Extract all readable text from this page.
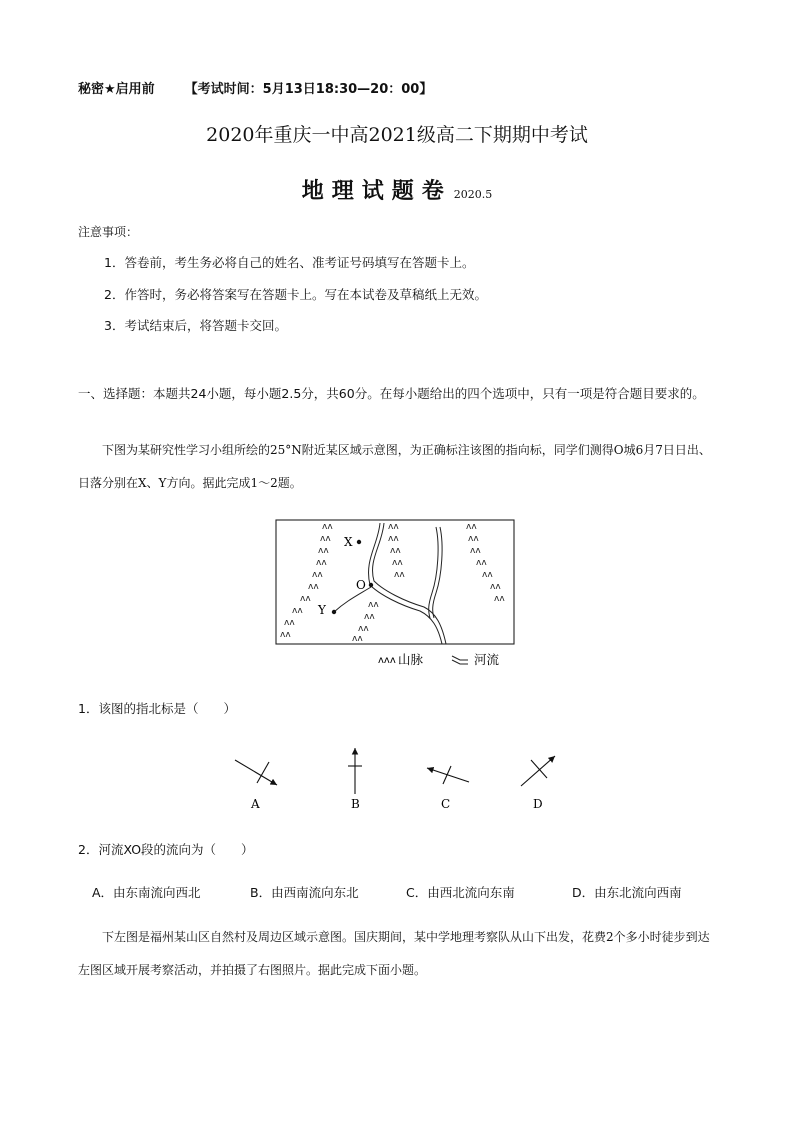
秘密★启用前 【考试时间：5月13日18:30—20：00】
2020年重庆一中高2021级高二下期期中考试
地理试题卷 2020.5
注意事项：
1．答卷前，考生务必将自己的姓名、准考证号码填写在答题卡上。
2．作答时，务必将答案写在答题卡上。写在本试卷及草稿纸上无效。
3．考试结束后，将答题卡交回。
一、选择题：本题共24小题，每小题2.5分，共60分。在每小题给出的四个选项中，只有一项是符合题目要求的。
下图为某研究性学习小组所绘的25°N附近某区域示意图，为正确标注该图的指向标，同学们测得O城6月7日日出、日落分别在X、Y方向。据此完成1～2题。
ʌʌ
ʌʌ
ʌʌ
ʌʌ
ʌʌ
ʌʌ
ʌʌ
ʌʌ
ʌʌ
ʌʌ
ʌʌ
ʌʌ
ʌʌ
ʌʌ
ʌʌ
ʌʌ
ʌʌ
ʌʌ
ʌʌ
ʌʌ
ʌʌ
ʌʌ
ʌʌ
ʌʌ
ʌʌ
ʌʌ
X
O
Y
ʌʌʌ 山脉	河流
1．该图的指北标是（　　）
A	B	C	D
2．河流XO段的流向为（　　）
A．由东南流向西北	B．由西南流向东北	C．由西北流向东南	D．由东北流向西南
下左图是福州某山区自然村及周边区域示意图。国庆期间，某中学地理考察队从山下出发，花费2个多小时徒步到达左图区域开展考察活动，并拍摄了右图照片。据此完成下面小题。
